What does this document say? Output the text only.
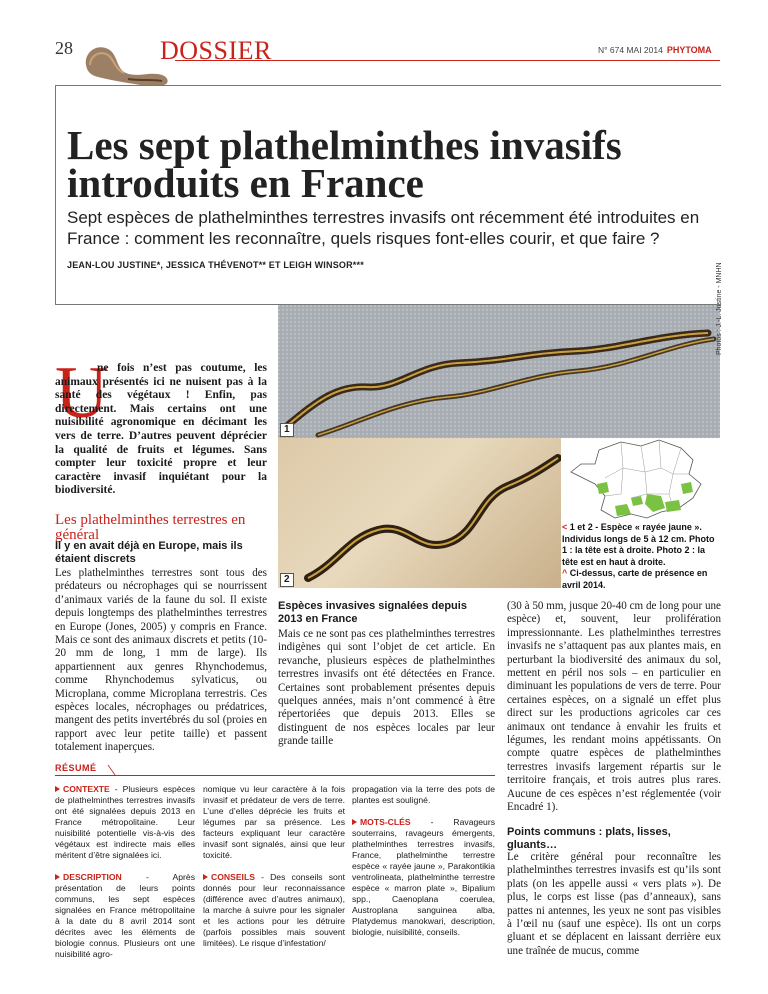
28	DOSSIER	N° 674 MAI 2014 PHYTOMA
Les sept plathelminthes invasifs introduits en France
Sept espèces de plathelminthes terrestres invasifs ont récemment été introduites en France : comment les reconnaître, quels risques font-elles courir, et que faire ?
JEAN-LOU JUSTINE*, JESSICA THÉVENOT** ET LEIGH WINSOR***	Photos : J.-L. Justine - MNHN
1
2
< 1 et 2 - Espèce « rayée jaune ». Individus longs de 5 à 12 cm. Photo 1 : la tête est à droite. Photo 2 : la tête est en haut à droite.
^ Ci-dessus, carte de présence en avril 2014.
U
ne fois n’est pas coutume, les animaux présentés ici ne nuisent pas à la santé des végétaux ! Enfin, pas directement. Mais certains ont une nuisibilité agronomique en décimant les vers de terre. D’autres peuvent déprécier la qualité de fruits et légumes. Sans compter leur toxicité propre et leur caractère invasif inquiétant pour la biodiversité.
Les plathelminthes terrestres en général
Il y en avait déjà en Europe, mais ils étaient discrets
Les plathelminthes terrestres sont tous des prédateurs ou nécrophages qui se nourrissent d’animaux variés de la faune du sol. Il existe depuis longtemps des plathelminthes terrestres en Europe (Jones, 2005) y compris en France. Mais ce sont des animaux discrets et petits (10-20 mm de long, 1 mm de large). Ils appartiennent aux genres Rhynchodemus, comme Rhynchodemus sylvaticus, ou Microplana, comme Microplana terrestris. Ces espèces locales, nécrophages ou prédatrices, mangent des petits invertébrés du sol (proies en rapport avec leur petite taille) et passent totalement inaperçues.
Espèces invasives signalées depuis 2013 en France
Mais ce ne sont pas ces plathelminthes terrestres indigènes qui sont l’objet de cet article. En revanche, plusieurs espèces de plathelminthes terrestres invasifs ont été détectées en France. Certaines sont probablement présentes depuis quelques années, mais n’ont commencé à être répertoriées que depuis 2013. Elles se distinguent de nos espèces locales par leur grande taille
(30 à 50 mm, jusque 20-40 cm de long pour une espèce) et, souvent, leur prolifération impressionnante. Les plathelminthes terrestres invasifs ne s’attaquent pas aux plantes mais, en perturbant la biodiversité des animaux du sol, mettent en péril nos sols – en particulier en diminuant les populations de vers de terre. Pour certaines espèces, on a signalé un effet plus direct sur les productions agricoles car ces animaux ont tendance à envahir les fruits et légumes, les rendant moins appétissants. On compte quatre espèces de plathelminthes terrestres invasifs largement répartis sur le territoire français, et trois autres plus rares. Aucune de ces espèces n’est réglementée (voir Encadré 1).
Points communs : plats, lisses, gluants…
Le critère général pour reconnaître les plathelminthes terrestres invasifs est qu’ils sont plats (on les appelle aussi « vers plats »). De plus, le corps est lisse (pas d’anneaux), sans pattes ni antennes, les yeux ne sont pas visibles à l’œil nu (sauf une espèce). Ils ont un corps gluant et se déplacent en laissant derrière eux une traînée de mucus, comme
RÉSUMÉ

CONTEXTE - Plusieurs espèces de plathelminthes terrestres invasifs ont été signalées depuis 2013 en France métropolitaine. Leur nuisibilité potentielle vis-à-vis des végétaux est indirecte mais elles méritent d’être signalées ici.

DESCRIPTION - Après présentation de leurs points communs, les sept espèces signalées en France métropolitaine à la date du 8 avril 2014 sont décrites avec les éléments de biologie connus. Plusieurs ont une nuisibilité agro-

nomique vu leur caractère à la fois invasif et prédateur de vers de terre. L’une d’elles déprécie les fruits et légumes par sa présence. Les facteurs expliquant leur caractère invasif sont signalés, ainsi que leur toxicité.

CONSEILS - Des conseils sont donnés pour leur reconnaissance (différence avec d’autres animaux), la marche à suivre pour les signaler et les actions pour les détruire (parfois possibles mais souvent limitées). Le risque d’infestation/

propagation via la terre des pots de plantes est souligné.

MOTS-CLÉS - Ravageurs souterrains, ravageurs émergents, plathelminthes terrestres invasifs, France, plathelminthe terrestre espèce « rayée jaune », Parakontikia ventrolineata, plathelminthe terrestre espèce « marron plate », Bipalium spp., Caenoplana coerulea, Austroplana sanguinea alba, Platydemus manokwari, description, biologie, nuisibilité, conseils.
